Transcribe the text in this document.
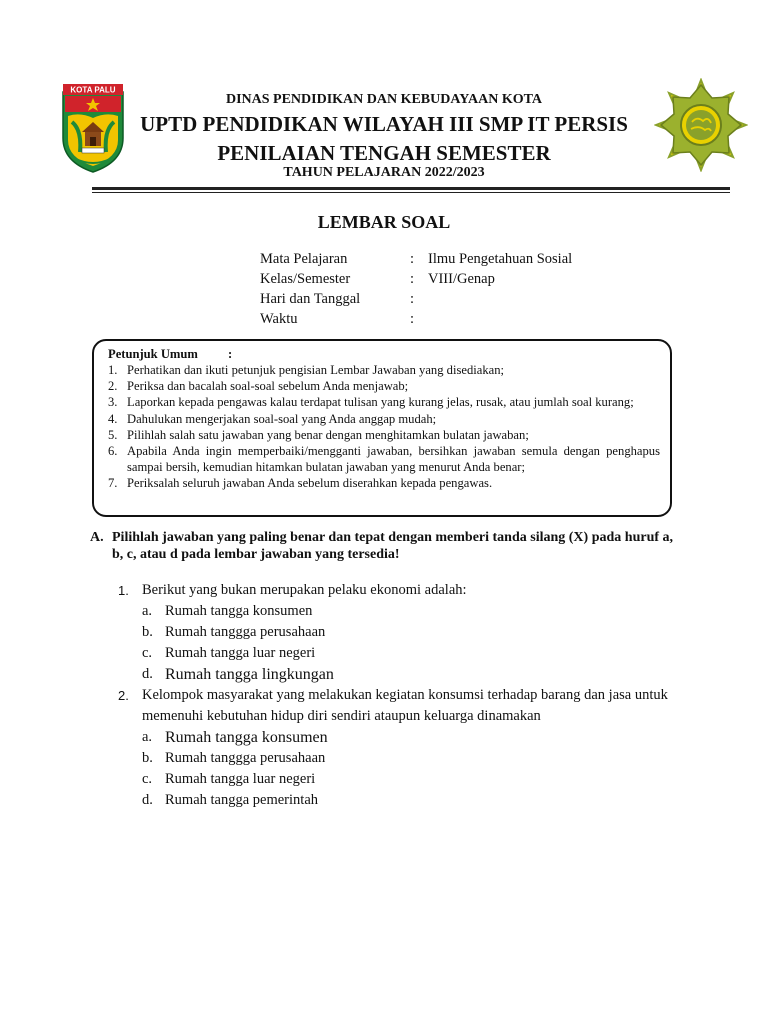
KOTA PALU
DINAS PENDIDIKAN DAN KEBUDAYAAN KOTA
UPTD PENDIDIKAN WILAYAH III SMP IT PERSIS
PENILAIAN TENGAH SEMESTER
TAHUN PELAJARAN 2022/2023
LEMBAR SOAL
Mata Pelajaran	: Ilmu Pengetahuan Sosial
Kelas/Semester	: VIII/Genap
Hari dan Tanggal	:
Waktu	:
Petunjuk Umum :
1. Perhatikan dan ikuti petunjuk pengisian Lembar Jawaban yang disediakan;
2. Periksa dan bacalah soal-soal sebelum Anda menjawab;
3. Laporkan kepada pengawas kalau terdapat tulisan yang kurang jelas, rusak, atau jumlah soal kurang;
4. Dahulukan mengerjakan soal-soal yang Anda anggap mudah;
5. Pilihlah salah satu jawaban yang benar dengan menghitamkan bulatan jawaban;
6. Apabila Anda ingin memperbaiki/mengganti jawaban, bersihkan jawaban semula dengan penghapus sampai bersih, kemudian hitamkan bulatan jawaban yang menurut Anda benar;
7. Periksalah seluruh jawaban Anda sebelum diserahkan kepada pengawas.
A. Pilihlah jawaban yang paling benar dan tepat dengan memberi tanda silang (X) pada huruf a, b, c, atau d pada lembar jawaban yang tersedia!
1. Berikut yang bukan merupakan pelaku ekonomi adalah:
a. Rumah tangga konsumen
b. Rumah tanggga perusahaan
c. Rumah tangga luar negeri
d. Rumah tangga lingkungan
2. Kelompok masyarakat yang melakukan kegiatan konsumsi terhadap barang dan jasa untuk memenuhi kebutuhan hidup diri sendiri ataupun keluarga dinamakan
a. Rumah tangga konsumen
b. Rumah tanggga perusahaan
c. Rumah tangga luar negeri
d. Rumah tangga pemerintah
